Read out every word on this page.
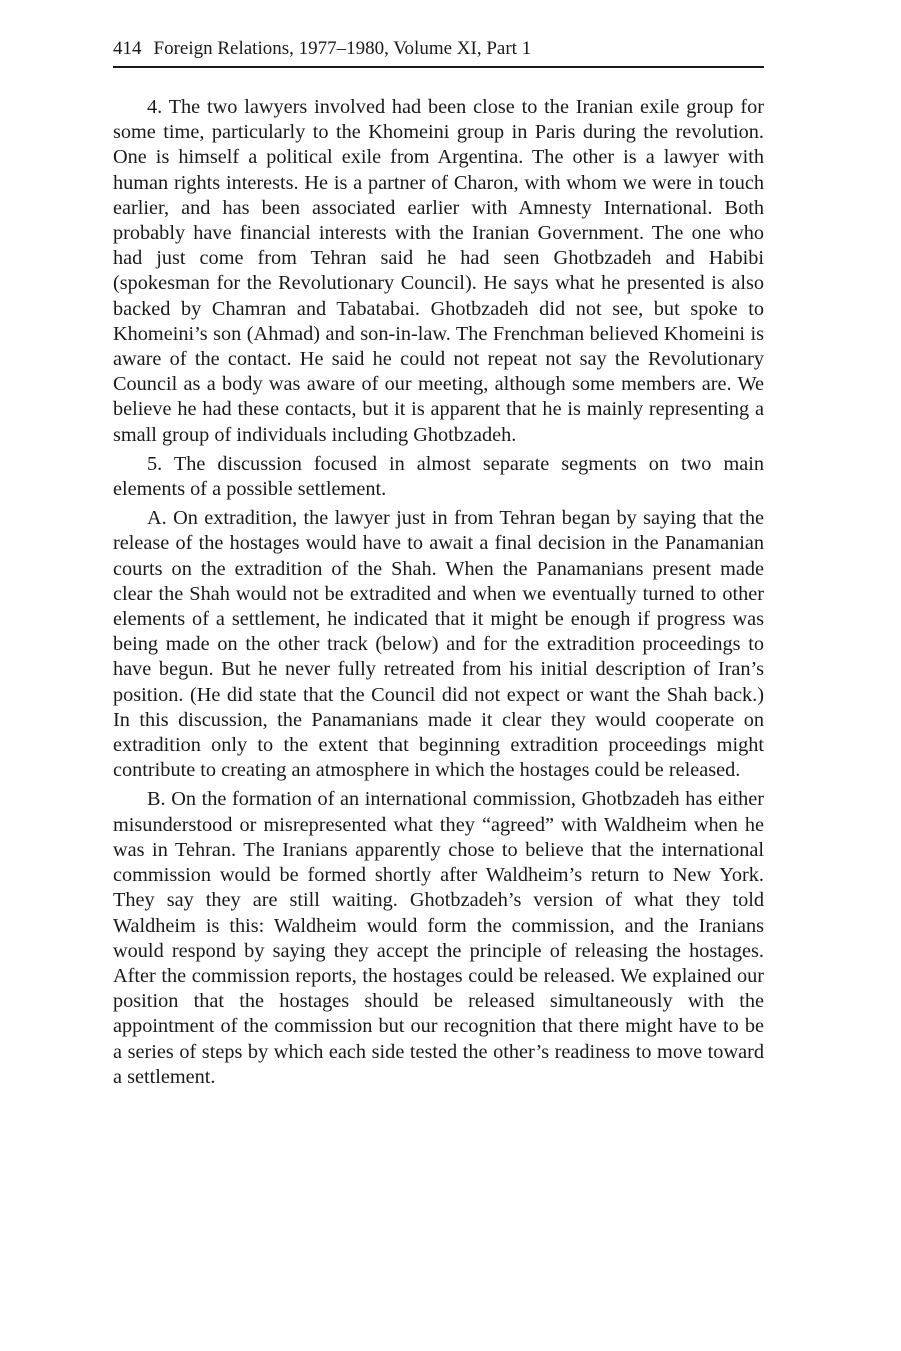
414 Foreign Relations, 1977–1980, Volume XI, Part 1

4. The two lawyers involved had been close to the Iranian exile group for some time, particularly to the Khomeini group in Paris during the revolution. One is himself a political exile from Argentina. The other is a lawyer with human rights interests. He is a partner of Charon, with whom we were in touch earlier, and has been associated earlier with Amnesty International. Both probably have financial interests with the Iranian Government. The one who had just come from Tehran said he had seen Ghotbzadeh and Habibi (spokesman for the Revolutionary Council). He says what he presented is also backed by Chamran and Tabatabai. Ghotbzadeh did not see, but spoke to Khomeini’s son (Ahmad) and son-in-law. The Frenchman believed Khomeini is aware of the contact. He said he could not repeat not say the Revolutionary Council as a body was aware of our meeting, although some members are. We believe he had these contacts, but it is apparent that he is mainly representing a small group of individuals including Ghotbzadeh.

5. The discussion focused in almost separate segments on two main elements of a possible settlement.

A. On extradition, the lawyer just in from Tehran began by saying that the release of the hostages would have to await a final decision in the Panamanian courts on the extradition of the Shah. When the Panamanians present made clear the Shah would not be extradited and when we eventually turned to other elements of a settlement, he indicated that it might be enough if progress was being made on the other track (below) and for the extradition proceedings to have begun. But he never fully retreated from his initial description of Iran’s position. (He did state that the Council did not expect or want the Shah back.) In this discussion, the Panamanians made it clear they would cooperate on extradition only to the extent that beginning extradition proceedings might contribute to creating an atmosphere in which the hostages could be released.

B. On the formation of an international commission, Ghotbzadeh has either misunderstood or misrepresented what they “agreed” with Waldheim when he was in Tehran. The Iranians apparently chose to believe that the international commission would be formed shortly after Waldheim’s return to New York. They say they are still waiting. Ghotbzadeh’s version of what they told Waldheim is this: Waldheim would form the commission, and the Iranians would respond by saying they accept the principle of releasing the hostages. After the commission reports, the hostages could be released. We explained our position that the hostages should be released simultaneously with the appointment of the commission but our recognition that there might have to be a series of steps by which each side tested the other’s readiness to move toward a settlement.
